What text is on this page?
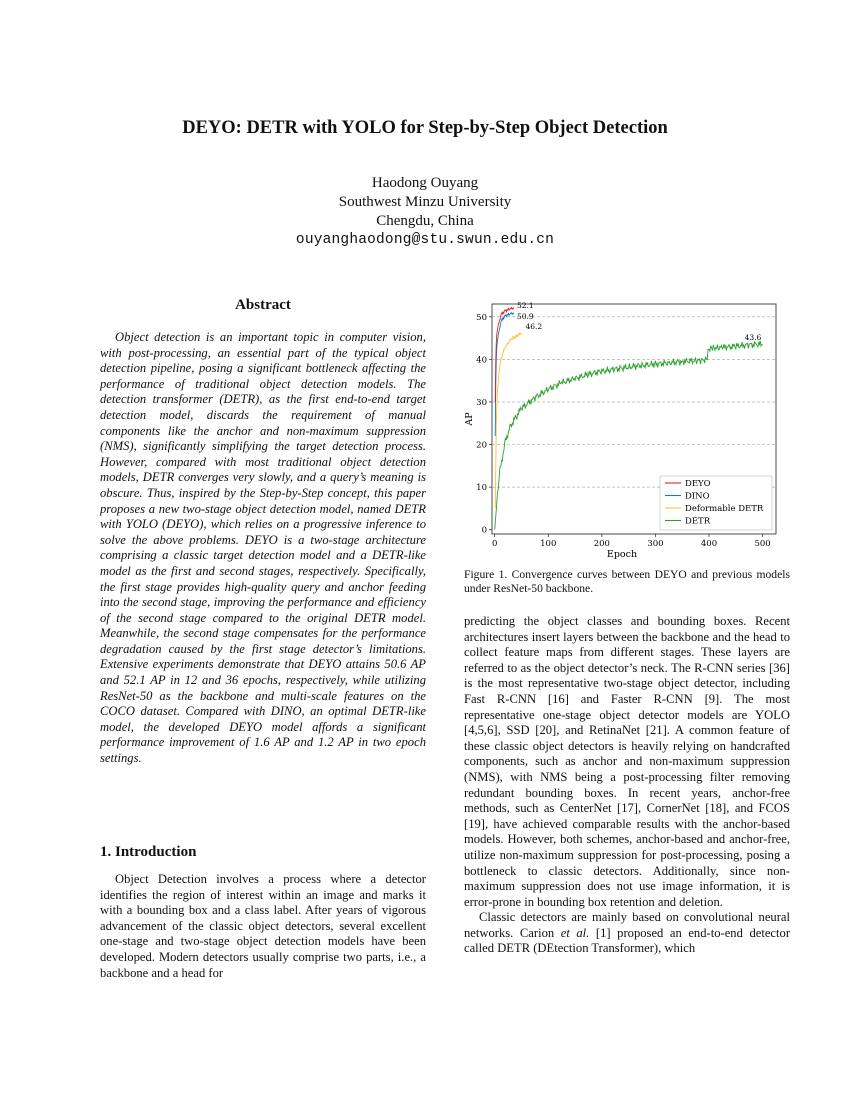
DEYO: DETR with YOLO for Step-by-Step Object Detection
Haodong Ouyang
Southwest Minzu University
Chengdu, China
ouyanghaodong@stu.swun.edu.cn
Abstract
Object detection is an important topic in computer vision, with post-processing, an essential part of the typical object detection pipeline, posing a significant bottleneck affecting the performance of traditional object detection models. The detection transformer (DETR), as the first end-to-end target detection model, discards the requirement of manual components like the anchor and non-maximum suppression (NMS), significantly simplifying the target detection process. However, compared with most traditional object detection models, DETR converges very slowly, and a query’s meaning is obscure. Thus, inspired by the Step-by-Step concept, this paper proposes a new two-stage object detection model, named DETR with YOLO (DEYO), which relies on a progressive inference to solve the above problems. DEYO is a two-stage architecture comprising a classic target detection model and a DETR-like model as the first and second stages, respectively. Specifically, the first stage provides high-quality query and anchor feeding into the second stage, improving the performance and efficiency of the second stage compared to the original DETR model. Meanwhile, the second stage compensates for the performance degradation caused by the first stage detector’s limitations. Extensive experiments demonstrate that DEYO attains 50.6 AP and 52.1 AP in 12 and 36 epochs, respectively, while utilizing ResNet-50 as the backbone and multi-scale features on the COCO dataset. Compared with DINO, an optimal DETR-like model, the developed DEYO model affords a significant performance improvement of 1.6 AP and 1.2 AP in two epoch settings.
1. Introduction
Object Detection involves a process where a detector identifies the region of interest within an image and marks it with a bounding box and a class label. After years of vigorous advancement of the classic object detectors, several excellent one-stage and two-stage object detection models have been developed. Modern detectors usually comprise two parts, i.e., a backbone and a head for
0
10
20
30
40
50
0	100	200	300	400	500
43.6
46.2
50.9
52.1
Epoch
AP
DEYO
DINO
Deformable DETR
DETR
Figure 1. Convergence curves between DEYO and previous models under ResNet-50 backbone.

predicting the object classes and bounding boxes. Recent architectures insert layers between the backbone and the head to collect feature maps from different stages. These layers are referred to as the object detector’s neck. The R-CNN series [36] is the most representative two-stage object detector, including Fast R-CNN [16] and Faster R-CNN [9]. The most representative one-stage object detector models are YOLO [4,5,6], SSD [20], and RetinaNet [21]. A common feature of these classic object detectors is heavily relying on handcrafted components, such as anchor and non-maximum suppression (NMS), with NMS being a post-processing filter removing redundant bounding boxes. In recent years, anchor-free methods, such as CenterNet [17], CornerNet [18], and FCOS [19], have achieved comparable results with the anchor-based models. However, both schemes, anchor-based and anchor-free, utilize non-maximum suppression for post-processing, posing a bottleneck to classic detectors. Additionally, since non-maximum suppression does not use image information, it is error-prone in bounding box retention and deletion.

Classic detectors are mainly based on convolutional neural networks. Carion et al. [1] proposed an end-to-end detector called DETR (DEtection Transformer), which
